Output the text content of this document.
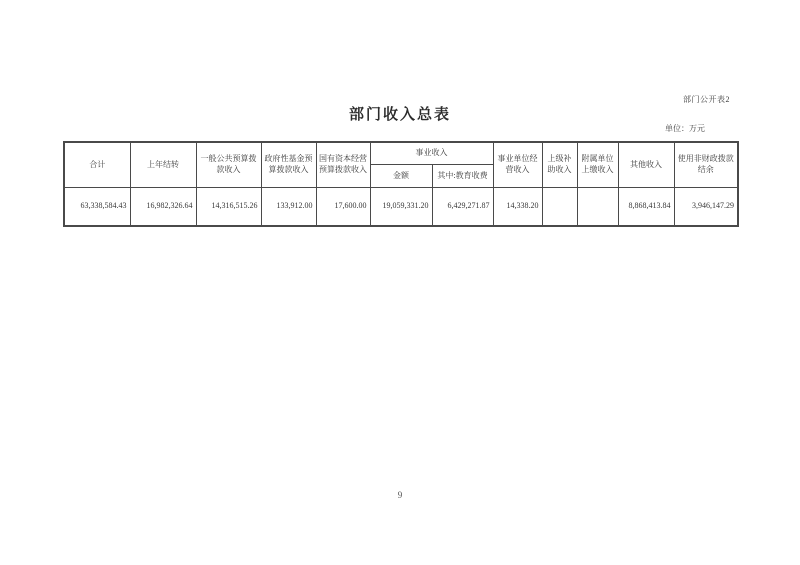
部门公开表2
部门收入总表
单位：万元
合计	上年结转	一般公共预算拨款收入	政府性基金预算拨款收入	国有资本经营预算拨款收入	事业收入		事业单位经营收入	上级补助收入	附属单位上缴收入	其他收入	使用非财政拨款结余
					金额	其中:教育收费					
63,338,584.43	16,982,326.64	14,316,515.26	133,912.00	17,600.00	19,059,331.20	6,429,271.87	14,338.20			8,868,413.84	3,946,147.29
9
